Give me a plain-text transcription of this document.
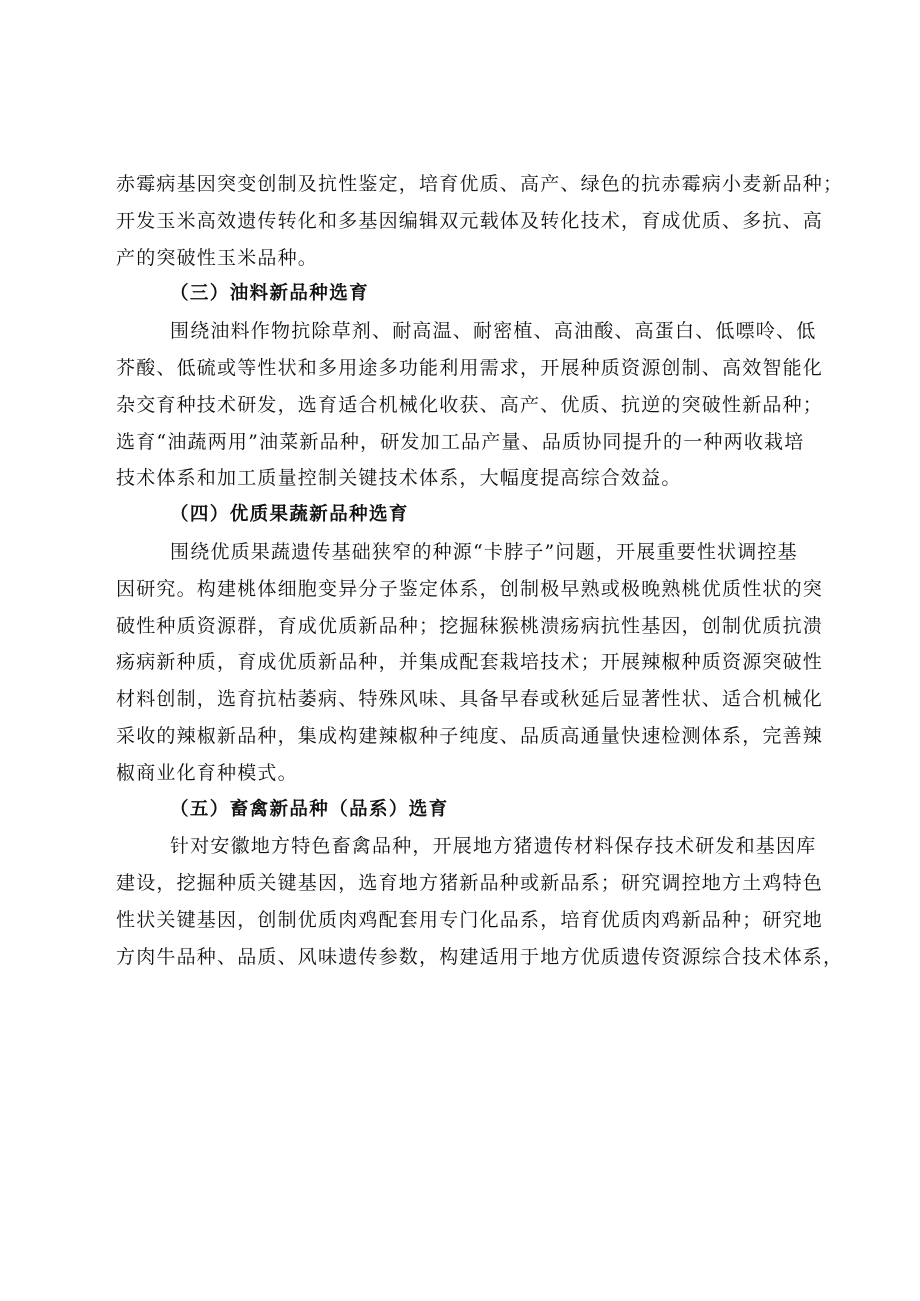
赤霉病基因突变创制及抗性鉴定，培育优质、高产、绿色的抗赤霉病小麦新品种；
开发玉米高效遗传转化和多基因编辑双元载体及转化技术，育成优质、多抗、高
产的突破性玉米品种。
（三）油料新品种选育
围绕油料作物抗除草剂、耐高温、耐密植、高油酸、高蛋白、低嘌呤、低
芥酸、低硫或等性状和多用途多功能利用需求，开展种质资源创制、高效智能化
杂交育种技术研发，选育适合机械化收获、高产、优质、抗逆的突破性新品种；
选育“油蔬两用”油菜新品种，研发加工品产量、品质协同提升的一种两收栽培
技术体系和加工质量控制关键技术体系，大幅度提高综合效益。
（四）优质果蔬新品种选育
围绕优质果蔬遗传基础狭窄的种源“卡脖子”问题，开展重要性状调控基
因研究。构建桃体细胞变异分子鉴定体系，创制极早熟或极晚熟桃优质性状的突
破性种质资源群，育成优质新品种；挖掘秣猴桃溃疡病抗性基因，创制优质抗溃
疡病新种质，育成优质新品种，并集成配套栽培技术；开展辣椒种质资源突破性
材料创制，选育抗枯萎病、特殊风味、具备早春或秋延后显著性状、适合机械化
采收的辣椒新品种，集成构建辣椒种子纯度、品质高通量快速检测体系，完善辣
椒商业化育种模式。
（五）畜禽新品种（品系）选育
针对安徽地方特色畜禽品种，开展地方猪遗传材料保存技术研发和基因库
建设，挖掘种质关键基因，选育地方猪新品种或新品系；研究调控地方土鸡特色
性状关键基因，创制优质肉鸡配套用专门化品系，培育优质肉鸡新品种；研究地
方肉牛品种、品质、风味遗传参数，构建适用于地方优质遗传资源综合技术体系，
